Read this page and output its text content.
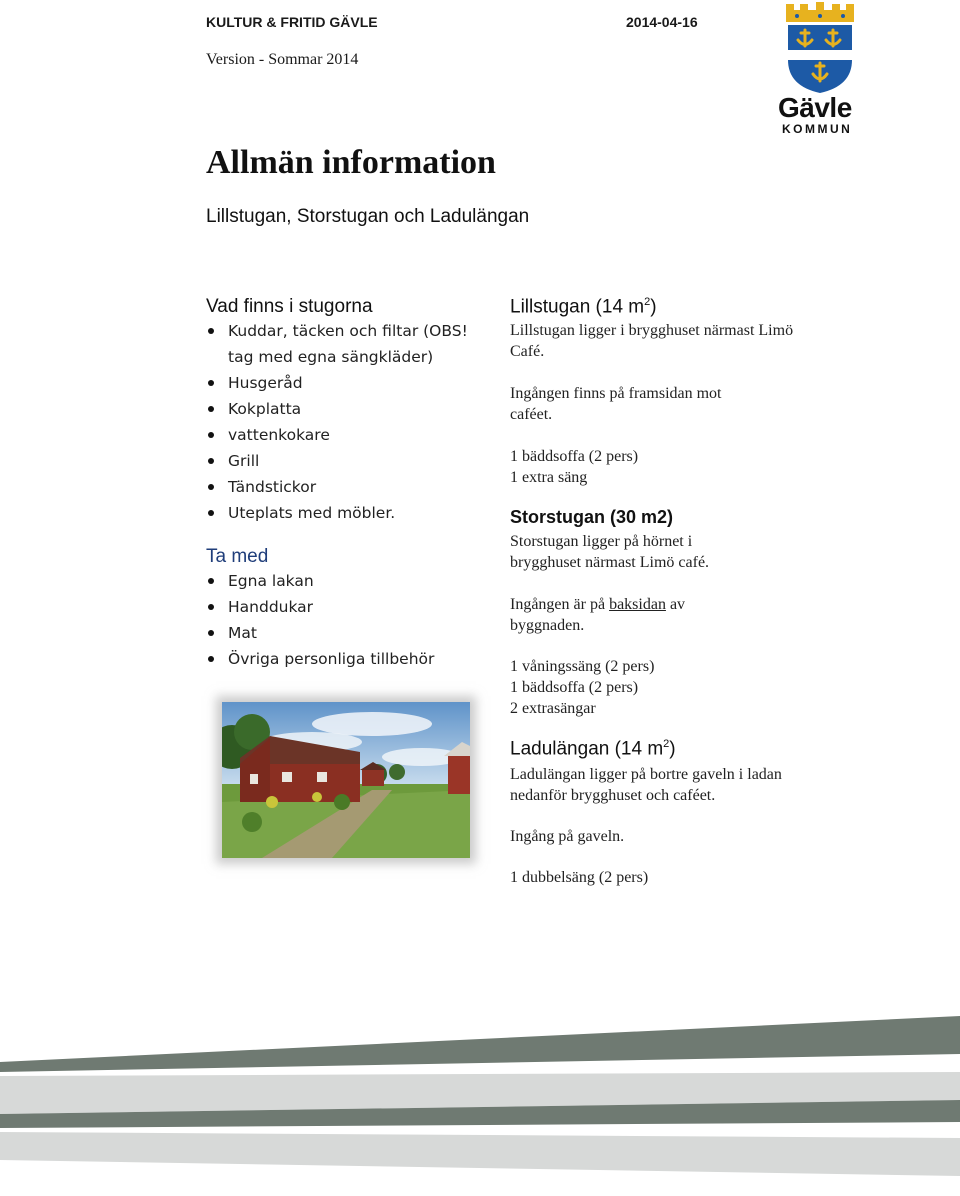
KULTUR & FRITID GÄVLE	2014-04-16
Version - Sommar 2014
Gävle
KOMMUN
Allmän information
Lillstugan, Storstugan och Ladulängan
Vad finns i stugorna
Kuddar, täcken och filtar (OBS! tag med egna sängkläder)
Husgeråd
Kokplatta
vattenkokare
Grill
Tändstickor
Uteplats med möbler.
Ta med
Egna lakan
Handdukar
Mat
Övriga personliga tillbehör
Lillstugan (14 $m^2$)

Lillstugan ligger i brygghuset närmast Limö Café.

Ingången finns på framsidan mot caféet.

1 bäddsoffa (2 pers)
1 extra säng
Storstugan (30 m2)

Storstugan ligger på hörnet i brygghuset närmast Limö café.

Ingången är på baksidan av byggnaden.

1 våningssäng (2 pers)
1 bäddsoffa (2 pers)
2 extrasängar
Ladulängan (14 $m^2$)

Ladulängan ligger på bortre gaveln i ladan nedanför brygghuset och caféet.

Ingång på gaveln.

1 dubbelsäng (2 pers)
